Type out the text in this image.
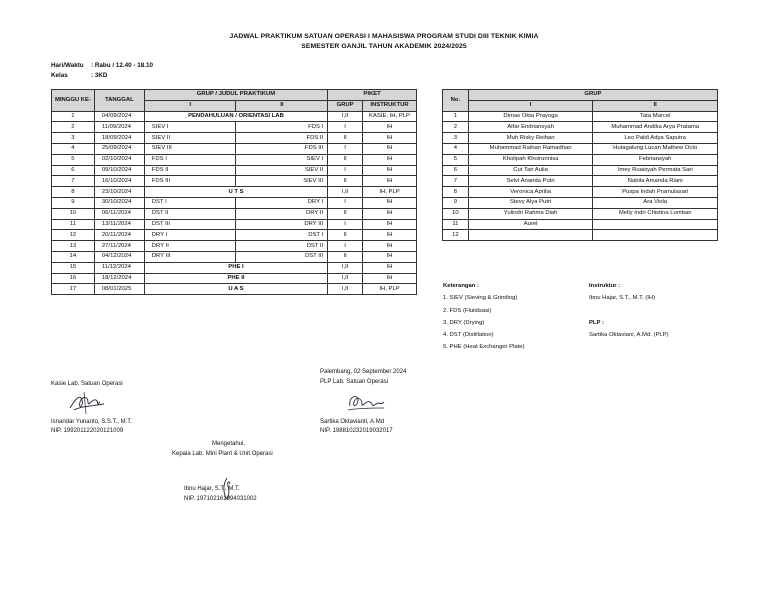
JADWAL PRAKTIKUM SATUAN OPERASI I MAHASISWA PROGRAM STUDI DIII TEKNIK KIMIA
SEMESTER GANJIL TAHUN AKADEMIK 2024/2025
Hari/Waktu : Rabu / 12.40 - 18.10
Kelas	: 3KD
MINGGU KE-	TANGGAL	GRUP / JUDUL PRAKTIKUM		PIKET	
		I	II	GRUP	INSTRUKTUR
1	04/09/2024	PENDAHULUAN / ORIENTASI LAB		I,II	KASIE, IH, PLP
2	11/09/2024	SIEV I	FDS I	I	IH
3	18/09/2024	SIEV II	FDS II	II	IH
4	25/09/2024	SIEV III	FDS III	I	IH
5	02/10/2024	FDS I	SIEV I	II	IH
6	09/10/2024	FDS II	SIEV II	I	IH
7	16/10/2024	FDS III	SIEV III	II	IH
8	23/10/2024	U T S		I,II	IH, PLP
9	30/10/2024	DST I	DRY I	I	IH
10	06/11/2024	DST II	DRY II	II	IH
11	13/11/2024	DST III	DRY III	I	IH
12	20/11/2024	DRY I	DST I	II	IH
13	27/11/2024	DRY II	DST II	I	IH
14	04/12/2024	DRY III	DST III	II	IH
15	11/12/2024	PHE I		I,II	IH
16	18/12/2024	PHE II		I,II	IH
17	08/01/2025	U A S		I,II	IH, PLP
No.	GRUP	
	I	II
1	Dimas Okta Prayoga	Tata Marcel
2	Alfar Endriansyah	Muhammad Andika Arya Pratama
3	Muh Risky Reihan	Leo Paldi Adya Saputra
4	Muhammad Raihan Ramadhan	Hutagalung Lucan Mathew Octo
5	Kholipah Khoirunnisa	Febriansyah
6	Cut Tari Aulia	Imey Ruaisyah Permata Sari
7	Selvi Ananda Putri	Nabila Amanda Riani
8	Veronica Aprilia	Puspa Indah Pramulasari
9	Stevy Alya Putri	Ara Viola
10	Yulindri Rahma Diah	Melly Indri Chistina Lumban
11	Aurel	
12		
Keterangan :
1. SIEV (Sieving & Grinding)
2. FDS (Fluidisasi)
3. DRY (Drying)
4. DST (Distillation)
5. PHE (Heat Exchanger Plate)
Instruktur :
Ibnu Hajar, S.T., M.T. (IH)

PLP :
Sartika Oktaviani, A.Md. (PLP)
Kasie Lab. Satuan Operasi
Isnandar Yunanto, S.S.T., M.T.
NIP. 199201122020121009
Palembang, 02 September 2024
PLP Lab. Satuan Operasi
Sartika Oktavianti, A.Md
NIP. 198810232019032017
Mengetahui,
Kepala Lab. Mini Plant & Unit Operasi
Ibnu Hajar, S.T., M.T.
NIP. 197102161994031002
